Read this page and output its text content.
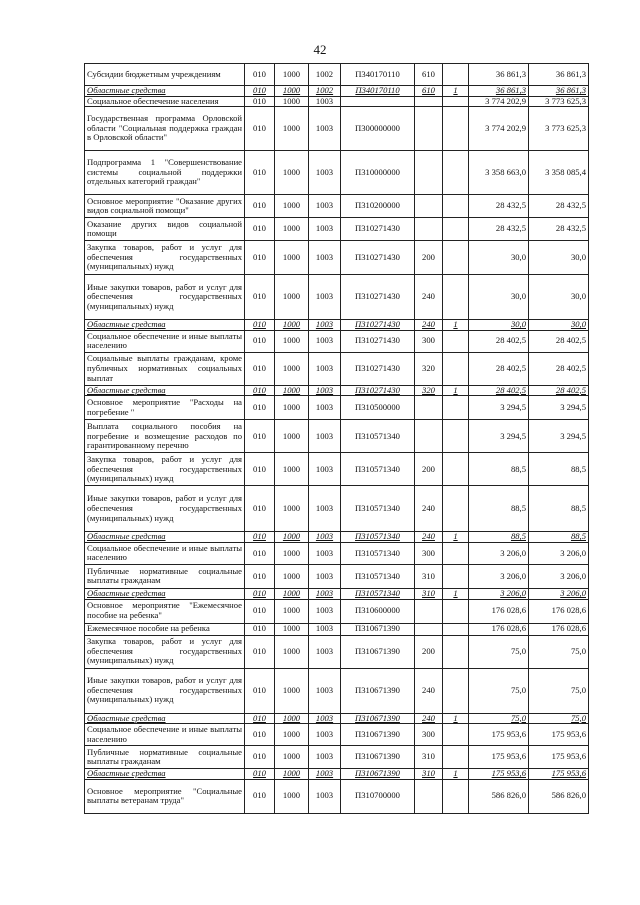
42
Субсидии бюджетным учреждениям	010	1000	1002	П340170110	610		36 861,3	36 861,3
Областные средства	010	1000	1002	П340170110	610	1	36 861,3	36 861,3
Социальное обеспечение населения	010	1000	1003				3 774 202,9	3 773 625,3
Государственная программа Орловской области "Социальная поддержка граждан в Орловской области"	010	1000	1003	П300000000			3 774 202,9	3 773 625,3
Подпрограмма 1 "Совершенствование системы социальной поддержки отдельных категорий граждан"	010	1000	1003	П310000000			3 358 663,0	3 358 085,4
Основное мероприятие "Оказание других видов социальной помощи"	010	1000	1003	П310200000			28 432,5	28 432,5
Оказание других видов социальной помощи	010	1000	1003	П310271430			28 432,5	28 432,5
Закупка товаров, работ и услуг для обеспечения государственных (муниципальных) нужд	010	1000	1003	П310271430	200		30,0	30,0
Иные закупки товаров, работ и услуг для обеспечения государственных (муниципальных) нужд	010	1000	1003	П310271430	240		30,0	30,0
Областные средства	010	1000	1003	П310271430	240	1	30,0	30,0
Социальное обеспечение и иные выплаты населению	010	1000	1003	П310271430	300		28 402,5	28 402,5
Социальные выплаты гражданам, кроме публичных нормативных социальных выплат	010	1000	1003	П310271430	320		28 402,5	28 402,5
Областные средства	010	1000	1003	П310271430	320	1	28 402,5	28 402,5
Основное мероприятие "Расходы на погребение "	010	1000	1003	П310500000			3 294,5	3 294,5
Выплата социального пособия на погребение и возмещение расходов по гарантированному перечню	010	1000	1003	П310571340			3 294,5	3 294,5
Закупка товаров, работ и услуг для обеспечения государственных (муниципальных) нужд	010	1000	1003	П310571340	200		88,5	88,5
Иные закупки товаров, работ и услуг для обеспечения государственных (муниципальных) нужд	010	1000	1003	П310571340	240		88,5	88,5
Областные средства	010	1000	1003	П310571340	240	1	88,5	88,5
Социальное обеспечение и иные выплаты населению	010	1000	1003	П310571340	300		3 206,0	3 206,0
Публичные нормативные социальные выплаты гражданам	010	1000	1003	П310571340	310		3 206,0	3 206,0
Областные средства	010	1000	1003	П310571340	310	1	3 206,0	3 206,0
Основное мероприятие "Ежемесячное пособие на ребенка"	010	1000	1003	П310600000			176 028,6	176 028,6
Ежемесячное пособие на ребенка	010	1000	1003	П310671390			176 028,6	176 028,6
Закупка товаров, работ и услуг для обеспечения государственных (муниципальных) нужд	010	1000	1003	П310671390	200		75,0	75,0
Иные закупки товаров, работ и услуг для обеспечения государственных (муниципальных) нужд	010	1000	1003	П310671390	240		75,0	75,0
Областные средства	010	1000	1003	П310671390	240	1	75,0	75,0
Социальное обеспечение и иные выплаты населению	010	1000	1003	П310671390	300		175 953,6	175 953,6
Публичные нормативные социальные выплаты гражданам	010	1000	1003	П310671390	310		175 953,6	175 953,6
Областные средства	010	1000	1003	П310671390	310	1	175 953,6	175 953,6
Основное мероприятие "Социальные выплаты ветеранам труда"	010	1000	1003	П310700000			586 826,0	586 826,0
